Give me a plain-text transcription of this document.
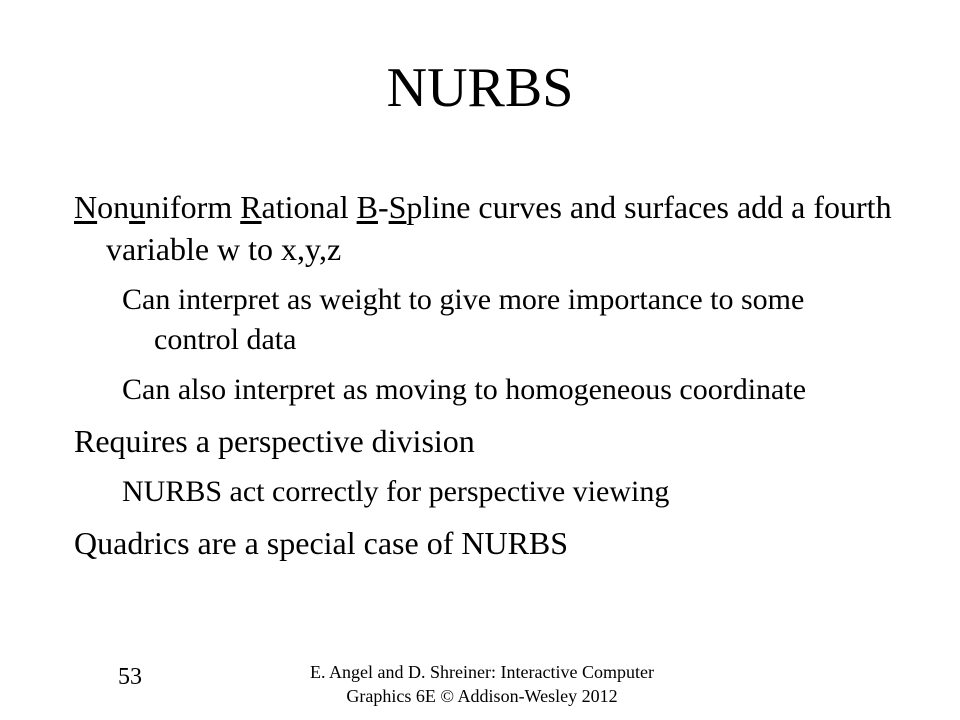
NURBS
Nonuniform Rational B-Spline curves and surfaces add a fourth variable w to x,y,z
Can interpret as weight to give more importance to some control data
Can also interpret as moving to homogeneous coordinate
Requires a perspective division
NURBS act correctly for perspective viewing
Quadrics are a special case of NURBS
53	E. Angel and D. Shreiner: Interactive Computer
Graphics 6E © Addison-Wesley 2012
